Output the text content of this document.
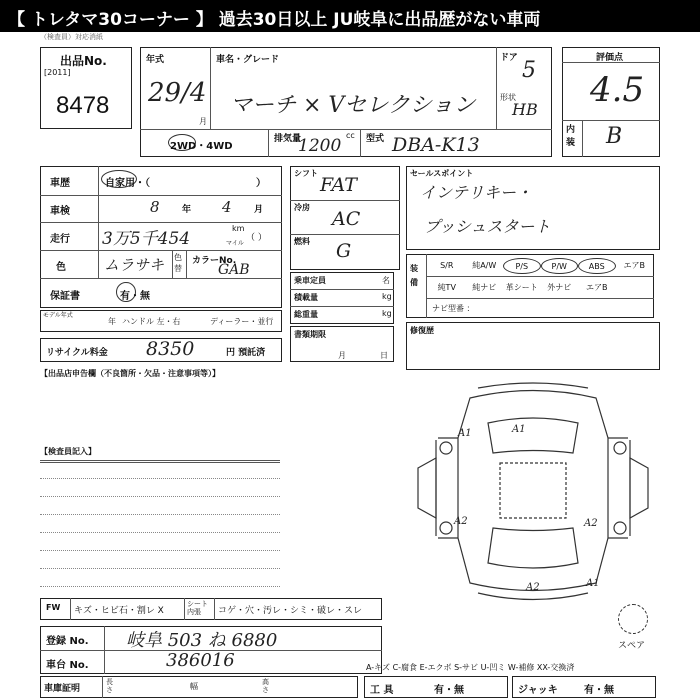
【 トレタマ30コーナー 】 過去30日以上 JU岐阜に出品歴がない車両
（検査員）対応消紙
出品No.
[2011]
8478
年式
29/4
月
車名・グレード
マーチ × Vセレクション
ドア 5
形状
HB
2WD・4WD
排気量	cc
1200	型式 DBA-K13
評価点
4.5
内装 B
車歴	自家用・（	）
車検	8 年 4 月
走行 3万5千454
km
マイル
（ ）
色	ムラサキ 色替
カラーNo.
GAB
保証書	有・無
モデル年式
年 ハンドル 左・右	ディーラー・並行
リサイクル料金 8350	円 預託済
【出品店申告欄（不良箇所・欠品・注意事項等）】
シフト
FAT
冷房
AC
燃料 G
乗車定員	名
積載量	kg
総重量	kg
書類期限
月	日
セールスポイント
インテリキー・
プッシュスタート
装備
S/R	純A/W	P/S	P/W	ABS	エアB
純TV	純ナビ	革シート	外ナビ	エアB
ナビ型番 ：
修復歴
【検査員記入】
A1	A1
A2	A2
A2	A1
スペア
FW キズ・ヒビ石・割レ X
シート 内張	コゲ・穴・汚レ・シミ・破レ・スレ
登録 No. 岐阜 503 ね 6880
車台 No.	386016	A-キズ C-腐食 E-エクボ S-サビ U-凹ミ W-補修 XX-交換済
車庫証明
長さ	幅	高さ	工 具	有・無	ジャッキ	有・無
